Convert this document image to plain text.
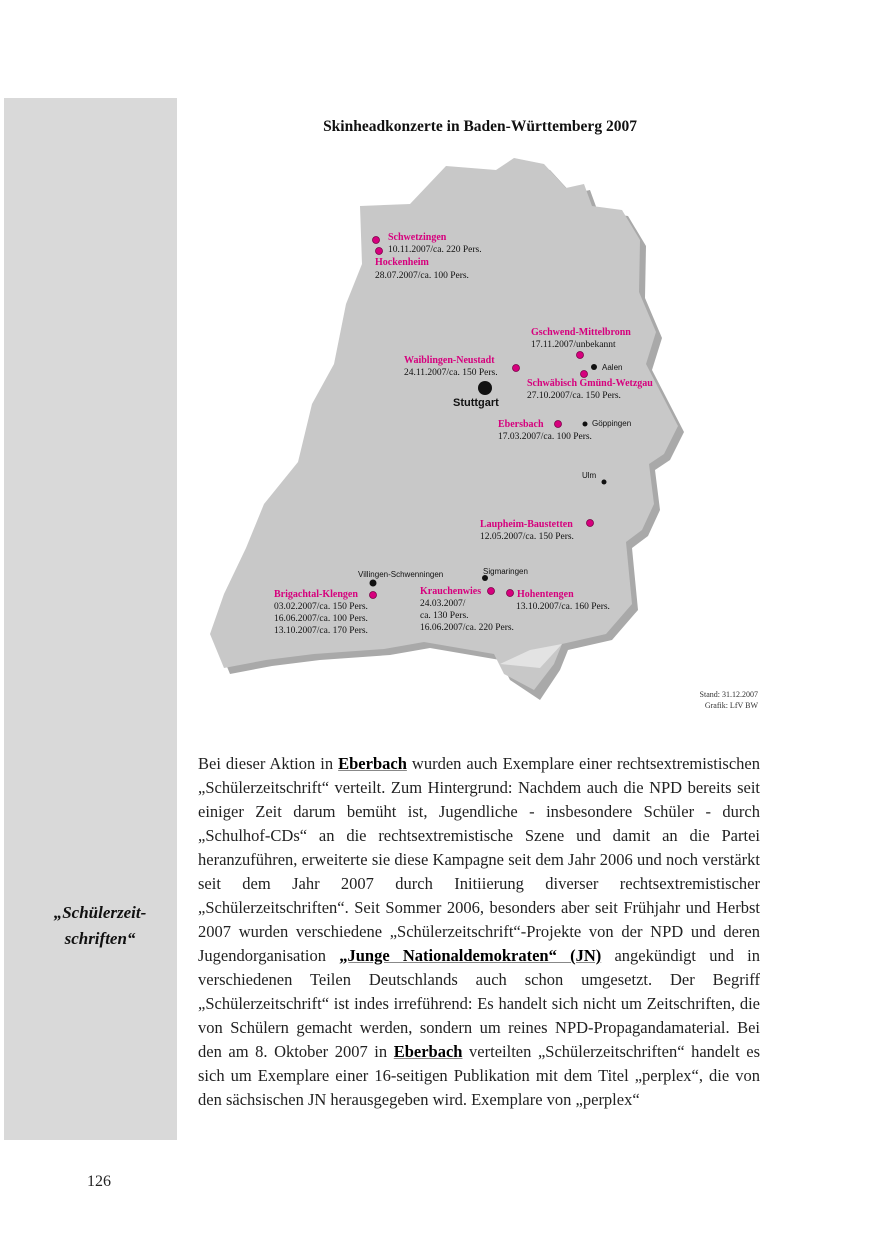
„Schülerzeit-
schriften“
Skinheadkonzerte in Baden-Württemberg 2007
Stuttgart
Aalen
Göppingen
Ulm
Sigmaringen
Villingen-Schwenningen
Schwetzingen
10.11.2007/ca. 220 Pers.
Hockenheim
28.07.2007/ca. 100 Pers.
Gschwend-Mittelbronn
17.11.2007/unbekannt
Waiblingen-Neustadt
24.11.2007/ca. 150 Pers.
Schwäbisch Gmünd-Wetzgau
27.10.2007/ca. 150 Pers.
Ebersbach
17.03.2007/ca. 100 Pers.
Laupheim-Baustetten
12.05.2007/ca. 150 Pers.
Brigachtal-Klengen
03.02.2007/ca. 150 Pers.
16.06.2007/ca. 100 Pers.
13.10.2007/ca. 170 Pers.
Krauchenwies
24.03.2007/
ca. 130 Pers.
16.06.2007/ca. 220 Pers.
Hohentengen
13.10.2007/ca. 160 Pers.
Stand: 31.12.2007
Grafik: LfV BW

Bei dieser Aktion in Eberbach wurden auch Exemplare einer rechtsextremistischen „Schülerzeitschrift“ verteilt. Zum Hintergrund: Nachdem auch die NPD bereits seit einiger Zeit darum bemüht ist, Jugendliche - insbesondere Schüler - durch „Schulhof-CDs“ an die rechtsextremistische Szene und damit an die Partei heranzuführen, erweiterte sie diese Kampagne seit dem Jahr 2006 und noch verstärkt seit dem Jahr 2007 durch Initiierung diverser rechtsextremistischer „Schülerzeitschriften“. Seit Sommer 2006, besonders aber seit Frühjahr und Herbst 2007 wurden verschiedene „Schülerzeitschrift“-Projekte von der NPD und deren Jugendorganisation „Junge Nationaldemokraten“ (JN) angekündigt und in verschiedenen Teilen Deutschlands auch schon umgesetzt. Der Begriff „Schülerzeitschrift“ ist indes irreführend: Es handelt sich nicht um Zeitschriften, die von Schülern gemacht werden, sondern um reines NPD-Propagandamaterial. Bei den am 8. Oktober 2007 in Eberbach verteilten „Schülerzeitschriften“ handelt es sich um Exemplare einer 16-seitigen Publikation mit dem Titel „perplex“, die von den sächsischen JN herausgegeben wird. Exemplare von „perplex“

126
